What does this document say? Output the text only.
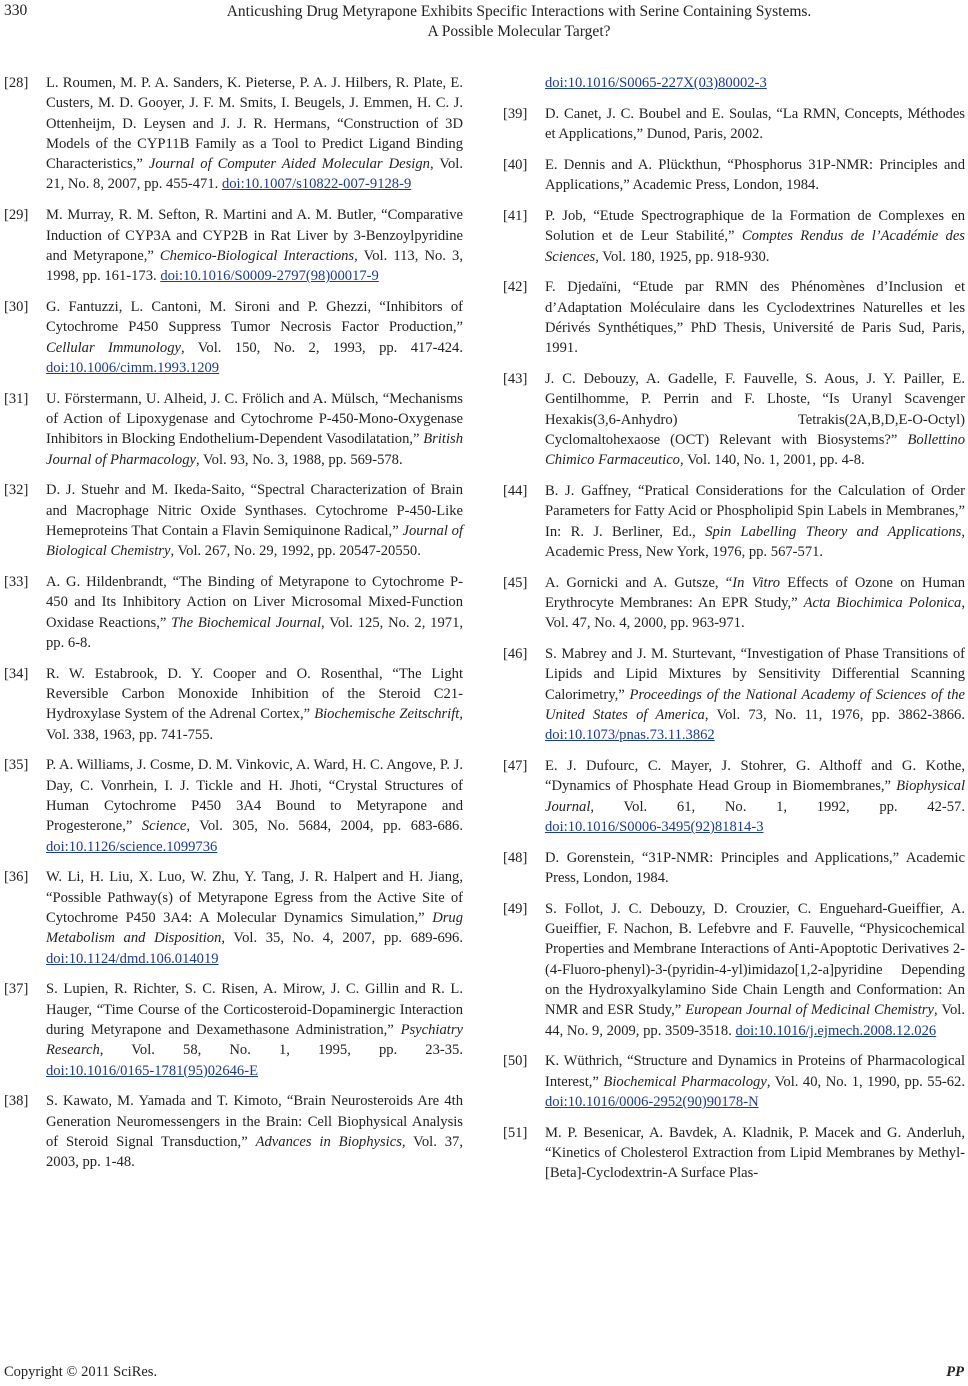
330	Anticushing Drug Metyrapone Exhibits Specific Interactions with Serine Containing Systems.
A Possible Molecular Target?
[28]	L. Roumen, M. P. A. Sanders, K. Pieterse, P. A. J. Hilbers, R. Plate, E. Custers, M. D. Gooyer, J. F. M. Smits, I. Beugels, J. Emmen, H. C. J. Ottenheijm, D. Leysen and J. J. R. Hermans, “Construction of 3D Models of the CYP11B Family as a Tool to Predict Ligand Binding Characteristics,” Journal of Computer Aided Molecular Design, Vol. 21, No. 8, 2007, pp. 455-471. doi:10.1007/s10822-007-9128-9
[29]	M. Murray, R. M. Sefton, R. Martini and A. M. Butler, “Comparative Induction of CYP3A and CYP2B in Rat Liver by 3-Benzoylpyridine and Metyrapone,” Chemico-Biological Interactions, Vol. 113, No. 3, 1998, pp. 161-173. doi:10.1016/S0009-2797(98)00017-9
[30]	G. Fantuzzi, L. Cantoni, M. Sironi and P. Ghezzi, “Inhibitors of Cytochrome P450 Suppress Tumor Necrosis Factor Production,” Cellular Immunology, Vol. 150, No. 2, 1993, pp. 417-424. doi:10.1006/cimm.1993.1209
[31]	U. Förstermann, U. Alheid, J. C. Frölich and A. Mülsch, “Mechanisms of Action of Lipoxygenase and Cytochrome P-450-Mono-Oxygenase Inhibitors in Blocking Endothelium-Dependent Vasodilatation,” British Journal of Pharmacology, Vol. 93, No. 3, 1988, pp. 569-578.
[32]	D. J. Stuehr and M. Ikeda-Saito, “Spectral Characterization of Brain and Macrophage Nitric Oxide Synthases. Cytochrome P-450-Like Hemeproteins That Contain a Flavin Semiquinone Radical,” Journal of Biological Chemistry, Vol. 267, No. 29, 1992, pp. 20547-20550.
[33]	A. G. Hildenbrandt, “The Binding of Metyrapone to Cytochrome P-450 and Its Inhibitory Action on Liver Microsomal Mixed-Function Oxidase Reactions,” The Biochemical Journal, Vol. 125, No. 2, 1971, pp. 6-8.
[34]	R. W. Estabrook, D. Y. Cooper and O. Rosenthal, “The Light Reversible Carbon Monoxide Inhibition of the Steroid C21-Hydroxylase System of the Adrenal Cortex,” Biochemische Zeitschrift, Vol. 338, 1963, pp. 741-755.
[35]	P. A. Williams, J. Cosme, D. M. Vinkovic, A. Ward, H. C. Angove, P. J. Day, C. Vonrhein, I. J. Tickle and H. Jhoti, “Crystal Structures of Human Cytochrome P450 3A4 Bound to Metyrapone and Progesterone,” Science, Vol. 305, No. 5684, 2004, pp. 683-686. doi:10.1126/science.1099736
[36]	W. Li, H. Liu, X. Luo, W. Zhu, Y. Tang, J. R. Halpert and H. Jiang, “Possible Pathway(s) of Metyrapone Egress from the Active Site of Cytochrome P450 3A4: A Molecular Dynamics Simulation,” Drug Metabolism and Disposition, Vol. 35, No. 4, 2007, pp. 689-696. doi:10.1124/dmd.106.014019
[37]	S. Lupien, R. Richter, S. C. Risen, A. Mirow, J. C. Gillin and R. L. Hauger, “Time Course of the Corticosteroid-Dopaminergic Interaction during Metyrapone and Dexamethasone Administration,” Psychiatry Research, Vol. 58, No. 1, 1995, pp. 23-35. doi:10.1016/0165-1781(95)02646-E
[38]	S. Kawato, M. Yamada and T. Kimoto, “Brain Neurosteroids Are 4th Generation Neuromessengers in the Brain: Cell Biophysical Analysis of Steroid Signal Transduction,” Advances in Biophysics, Vol. 37, 2003, pp. 1-48.
doi:10.1016/S0065-227X(03)80002-3
[39]	D. Canet, J. C. Boubel and E. Soulas, “La RMN, Concepts, Méthodes et Applications,” Dunod, Paris, 2002.
[40]	E. Dennis and A. Plückthun, “Phosphorus 31P-NMR: Principles and Applications,” Academic Press, London, 1984.
[41]	P. Job, “Etude Spectrographique de la Formation de Complexes en Solution et de Leur Stabilité,” Comptes Rendus de l’Académie des Sciences, Vol. 180, 1925, pp. 918-930.
[42]	F. Djedaïni, “Etude par RMN des Phénomènes d’Inclusion et d’Adaptation Moléculaire dans les Cyclodextrines Naturelles et les Dérivés Synthétiques,” PhD Thesis, Université de Paris Sud, Paris, 1991.
[43]	J. C. Debouzy, A. Gadelle, F. Fauvelle, S. Aous, J. Y. Pailler, E. Gentilhomme, P. Perrin and F. Lhoste, “Is Uranyl Scavenger Hexakis(3,6-Anhydro) Tetrakis(2A,B,D,E-O-Octyl) Cyclomaltohexaose (OCT) Relevant with Biosystems?” Bollettino Chimico Farmaceutico, Vol. 140, No. 1, 2001, pp. 4-8.
[44]	B. J. Gaffney, “Pratical Considerations for the Calculation of Order Parameters for Fatty Acid or Phospholipid Spin Labels in Membranes,” In: R. J. Berliner, Ed., Spin Labelling Theory and Applications, Academic Press, New York, 1976, pp. 567-571.
[45]	A. Gornicki and A. Gutsze, “In Vitro Effects of Ozone on Human Erythrocyte Membranes: An EPR Study,” Acta Biochimica Polonica, Vol. 47, No. 4, 2000, pp. 963-971.
[46]	S. Mabrey and J. M. Sturtevant, “Investigation of Phase Transitions of Lipids and Lipid Mixtures by Sensitivity Differential Scanning Calorimetry,” Proceedings of the National Academy of Sciences of the United States of America, Vol. 73, No. 11, 1976, pp. 3862-3866. doi:10.1073/pnas.73.11.3862
[47]	E. J. Dufourc, C. Mayer, J. Stohrer, G. Althoff and G. Kothe, “Dynamics of Phosphate Head Group in Biomembranes,” Biophysical Journal, Vol. 61, No. 1, 1992, pp. 42-57. doi:10.1016/S0006-3495(92)81814-3
[48]	D. Gorenstein, “31P-NMR: Principles and Applications,” Academic Press, London, 1984.
[49]	S. Follot, J. C. Debouzy, D. Crouzier, C. Enguehard-Gueiffier, A. Gueiffier, F. Nachon, B. Lefebvre and F. Fauvelle, “Physicochemical Properties and Membrane Interactions of Anti-Apoptotic Derivatives 2-(4-Fluoro-phenyl)-3-(pyridin-4-yl)imidazo[1,2-a]pyridine Depending on the Hydroxyalkylamino Side Chain Length and Conformation: An NMR and ESR Study,” European Journal of Medicinal Chemistry, Vol. 44, No. 9, 2009, pp. 3509-3518. doi:10.1016/j.ejmech.2008.12.026
[50]	K. Wüthrich, “Structure and Dynamics in Proteins of Pharmacological Interest,” Biochemical Pharmacology, Vol. 40, No. 1, 1990, pp. 55-62. doi:10.1016/0006-2952(90)90178-N
[51]	M. P. Besenicar, A. Bavdek, A. Kladnik, P. Macek and G. Anderluh, “Kinetics of Cholesterol Extraction from Lipid Membranes by Methyl-[Beta]-Cyclodextrin-A Surface Plas-
Copyright © 2011 SciRes.	PP
